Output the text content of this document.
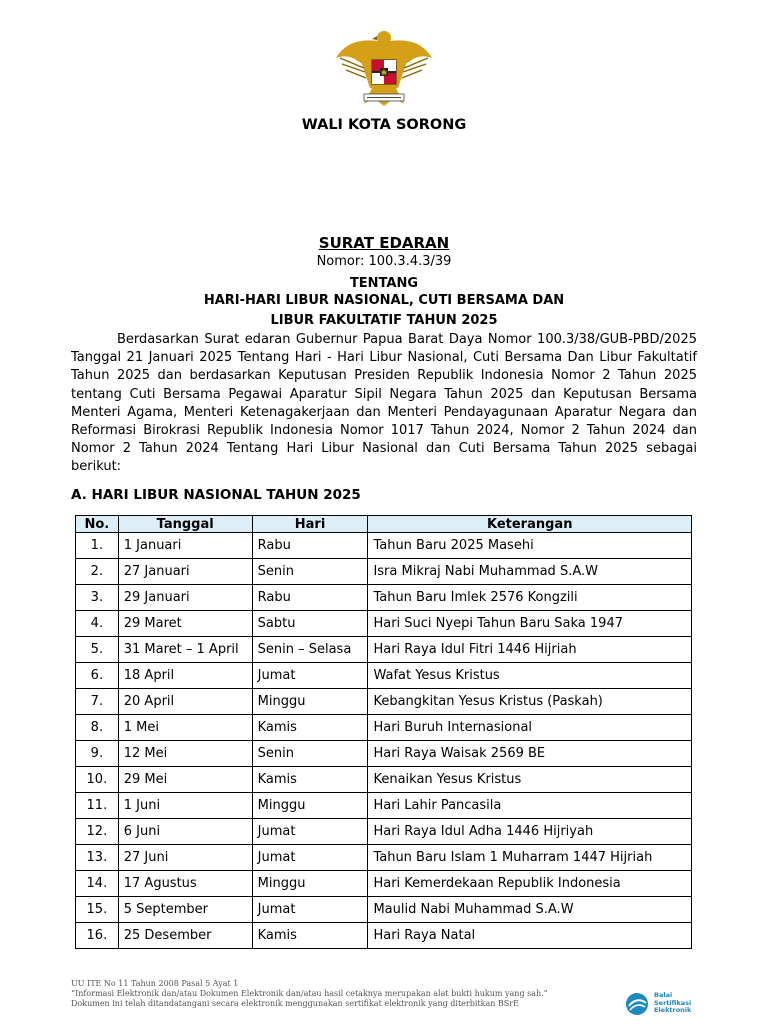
WALI KOTA SORONG
SURAT EDARAN
Nomor: 100.3.4.3/39
TENTANG
HARI-HARI LIBUR NASIONAL, CUTI BERSAMA DAN
LIBUR FAKULTATIF TAHUN 2025

Berdasarkan Surat edaran Gubernur Papua Barat Daya Nomor 100.3/38/GUB-PBD/2025 Tanggal 21 Januari 2025 Tentang Hari - Hari Libur Nasional, Cuti Bersama Dan Libur Fakultatif Tahun 2025 dan berdasarkan Keputusan Presiden Republik Indonesia Nomor 2 Tahun 2025 tentang Cuti Bersama Pegawai Aparatur Sipil Negara Tahun 2025 dan Keputusan Bersama Menteri Agama, Menteri Ketenagakerjaan dan Menteri Pendayagunaan Aparatur Negara dan Reformasi Birokrasi Republik Indonesia Nomor 1017 Tahun 2024, Nomor 2 Tahun 2024 dan Nomor 2 Tahun 2024 Tentang Hari Libur Nasional dan Cuti Bersama Tahun 2025 sebagai berikut:

A. HARI LIBUR NASIONAL TAHUN 2025
No.	Tanggal	Hari	Keterangan
1.	1 Januari	Rabu	Tahun Baru 2025 Masehi
2.	27 Januari	Senin	Isra Mikraj Nabi Muhammad S.A.W
3.	29 Januari	Rabu	Tahun Baru Imlek 2576 Kongzili
4.	29 Maret	Sabtu	Hari Suci Nyepi Tahun Baru Saka 1947
5.	31 Maret – 1 April	Senin – Selasa	Hari Raya Idul Fitri 1446 Hijriah
6.	18 April	Jumat	Wafat Yesus Kristus
7.	20 April	Minggu	Kebangkitan Yesus Kristus (Paskah)
8.	1 Mei	Kamis	Hari Buruh Internasional
9.	12 Mei	Senin	Hari Raya Waisak 2569 BE
10.	29 Mei	Kamis	Kenaikan Yesus Kristus
11.	1 Juni	Minggu	Hari Lahir Pancasila
12.	6 Juni	Jumat	Hari Raya Idul Adha 1446 Hijriyah
13.	27 Juni	Jumat	Tahun Baru Islam 1 Muharram 1447 Hijriah
14.	17 Agustus	Minggu	Hari Kemerdekaan Republik Indonesia
15.	5 September	Jumat	Maulid Nabi Muhammad S.A.W
16.	25 Desember	Kamis	Hari Raya Natal
UU ITE No 11 Tahun 2008 Pasal 5 Ayat 1
“Informasi Elektronik dan/atau Dokumen Elektronik dan/atau hasil cetaknya merupakan alat bukti hukum yang sah.”
Dokumen ini telah ditandatangani secara elektronik menggunakan sertifikat elektronik yang diterbitkan BSrE
Balai
Sertifikasi
Elektronik
